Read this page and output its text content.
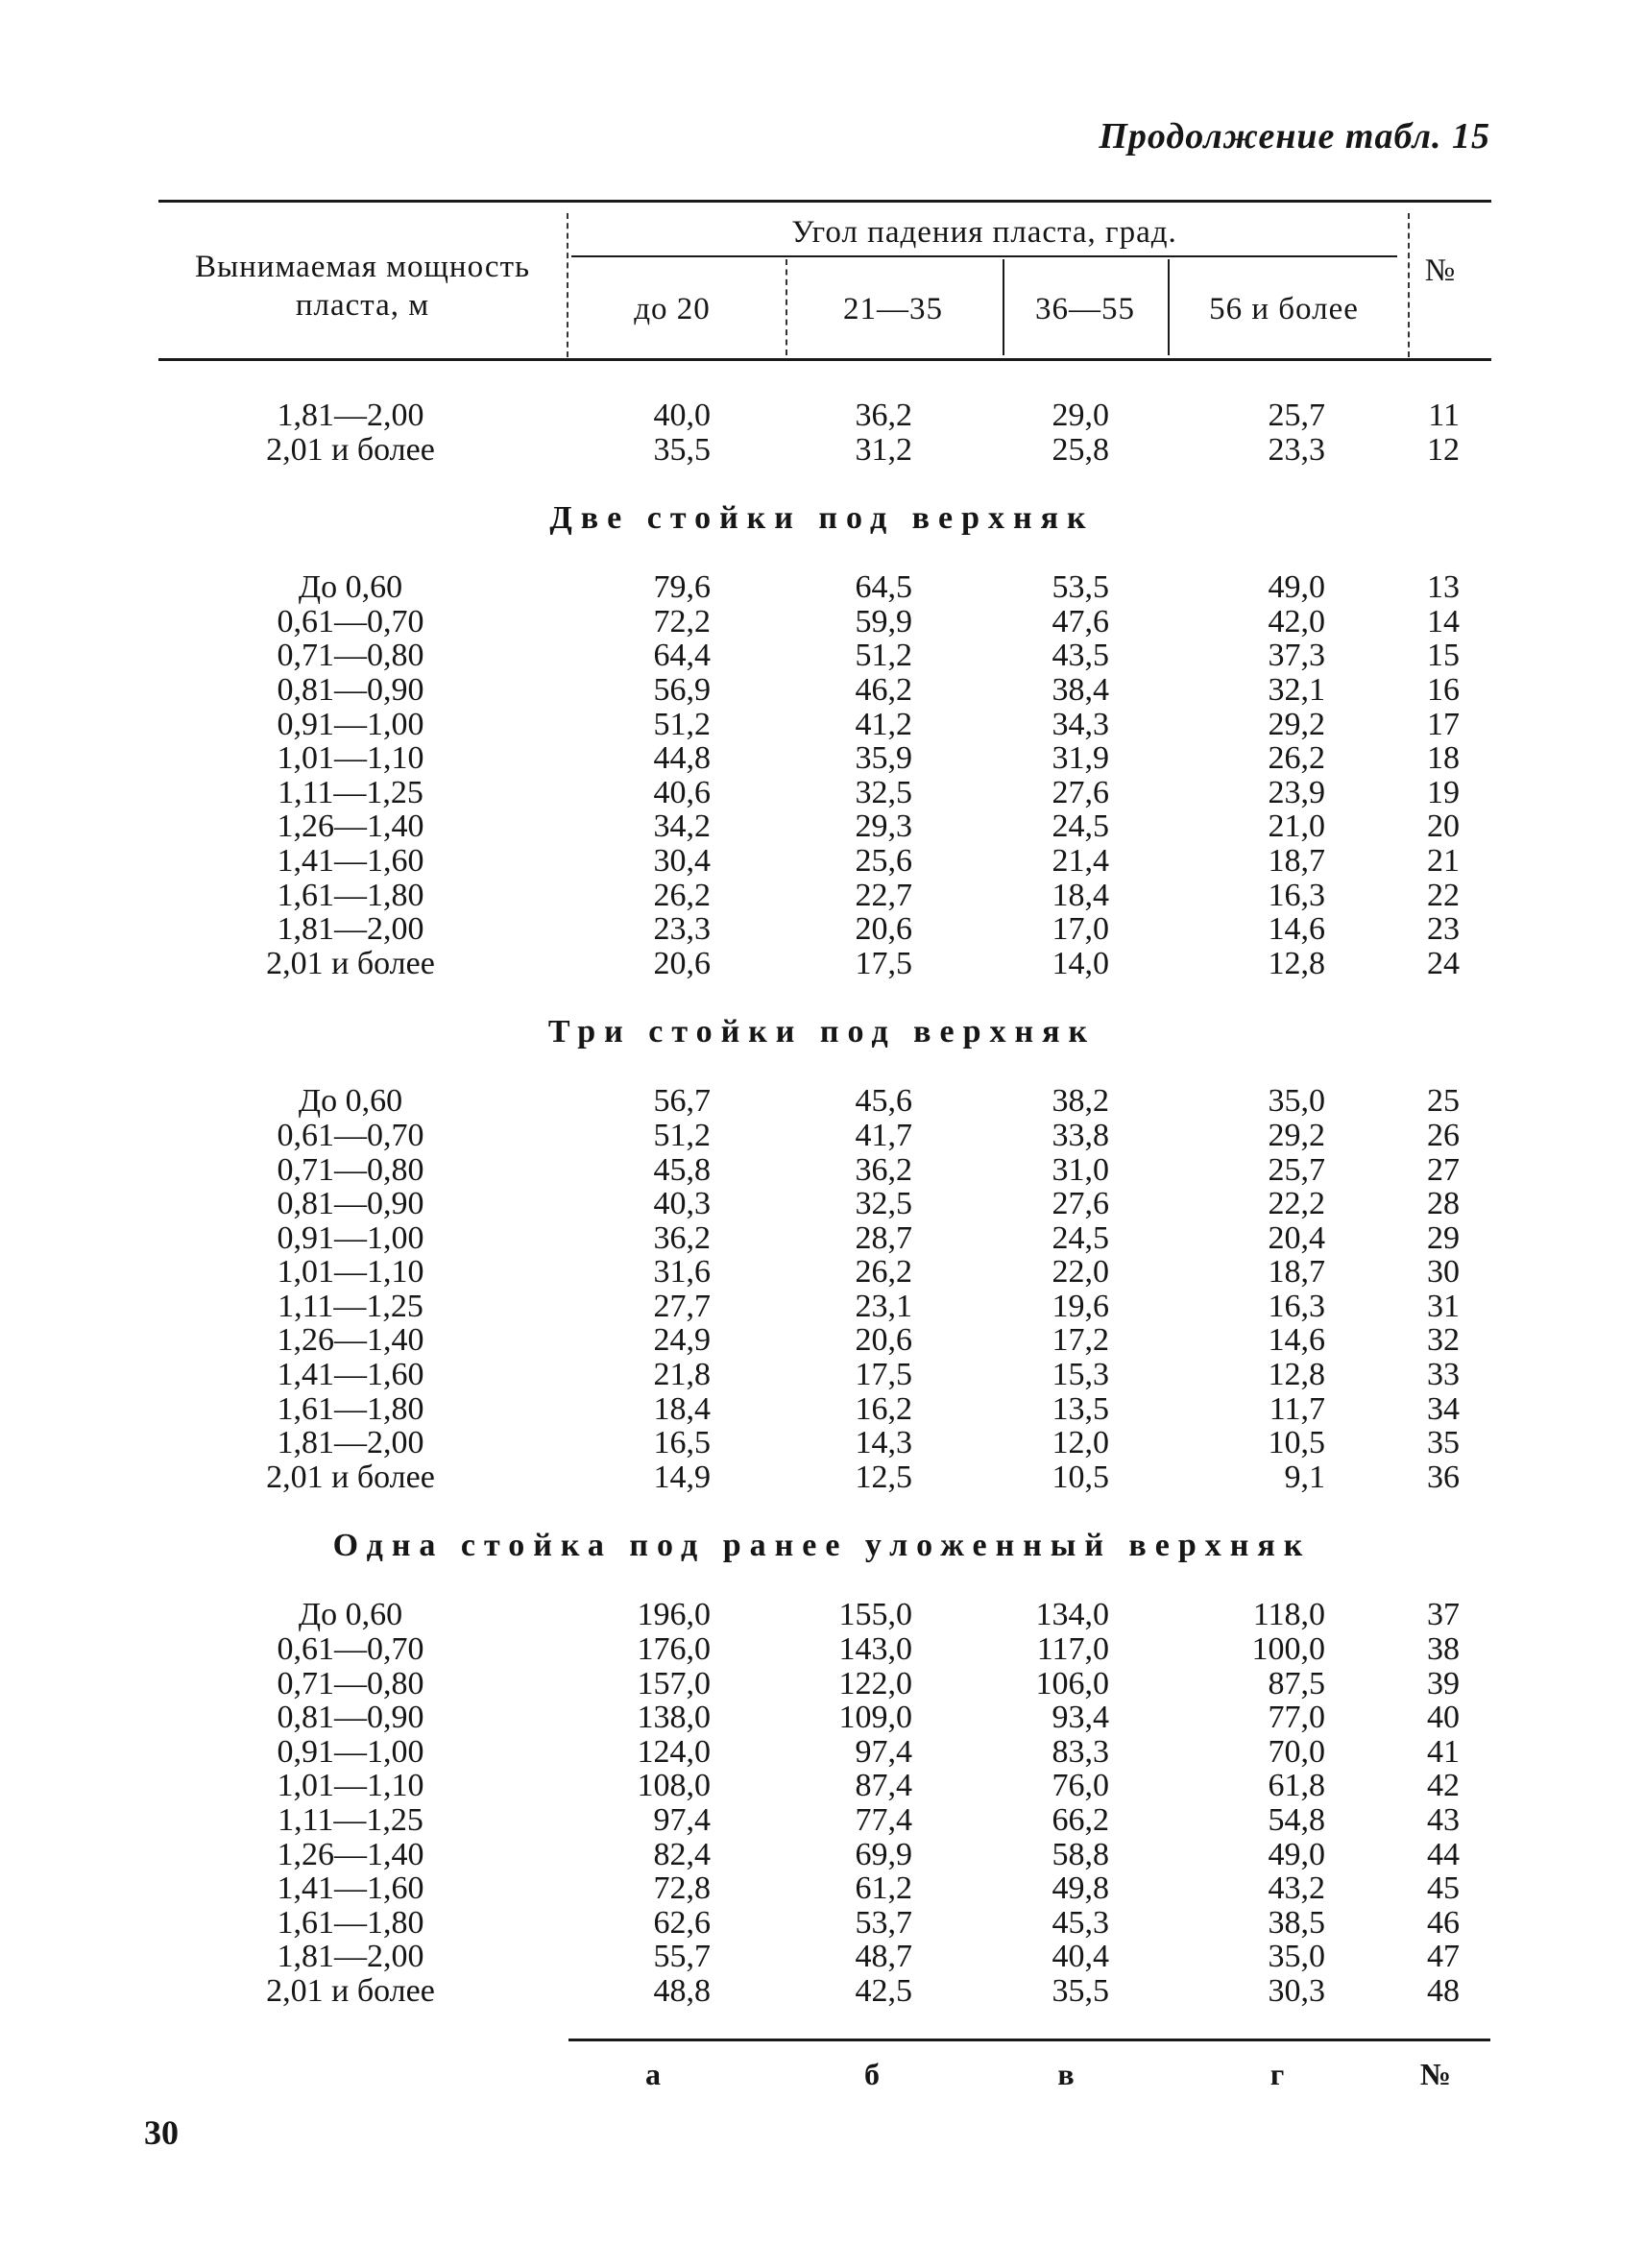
Продолжение табл. 15
Вынимаемая мощность пласта, м
Угол падения пласта, град.
до 20	21—35	36—55	56 и более
№
1,81—2,00	40,0	36,2	29,0	25,7	11
2,01 и более	35,5	31,2	25,8	23,3	12
Две стойки под верхняк
До 0,60	79,6	64,5	53,5	49,0	13
0,61—0,70	72,2	59,9	47,6	42,0	14
0,71—0,80	64,4	51,2	43,5	37,3	15
0,81—0,90	56,9	46,2	38,4	32,1	16
0,91—1,00	51,2	41,2	34,3	29,2	17
1,01—1,10	44,8	35,9	31,9	26,2	18
1,11—1,25	40,6	32,5	27,6	23,9	19
1,26—1,40	34,2	29,3	24,5	21,0	20
1,41—1,60	30,4	25,6	21,4	18,7	21
1,61—1,80	26,2	22,7	18,4	16,3	22
1,81—2,00	23,3	20,6	17,0	14,6	23
2,01 и более	20,6	17,5	14,0	12,8	24
Три стойки под верхняк
До 0,60	56,7	45,6	38,2	35,0	25
0,61—0,70	51,2	41,7	33,8	29,2	26
0,71—0,80	45,8	36,2	31,0	25,7	27
0,81—0,90	40,3	32,5	27,6	22,2	28
0,91—1,00	36,2	28,7	24,5	20,4	29
1,01—1,10	31,6	26,2	22,0	18,7	30
1,11—1,25	27,7	23,1	19,6	16,3	31
1,26—1,40	24,9	20,6	17,2	14,6	32
1,41—1,60	21,8	17,5	15,3	12,8	33
1,61—1,80	18,4	16,2	13,5	11,7	34
1,81—2,00	16,5	14,3	12,0	10,5	35
2,01 и более	14,9	12,5	10,5	9,1	36
Одна стойка под ранее уложенный верхняк
До 0,60	196,0	155,0	134,0	118,0	37
0,61—0,70	176,0	143,0	117,0	100,0	38
0,71—0,80	157,0	122,0	106,0	87,5	39
0,81—0,90	138,0	109,0	93,4	77,0	40
0,91—1,00	124,0	97,4	83,3	70,0	41
1,01—1,10	108,0	87,4	76,0	61,8	42
1,11—1,25	97,4	77,4	66,2	54,8	43
1,26—1,40	82,4	69,9	58,8	49,0	44
1,41—1,60	72,8	61,2	49,8	43,2	45
1,61—1,80	62,6	53,7	45,3	38,5	46
1,81—2,00	55,7	48,7	40,4	35,0	47
2,01 и более	48,8	42,5	35,5	30,3	48
а	б	в	г	№
30
